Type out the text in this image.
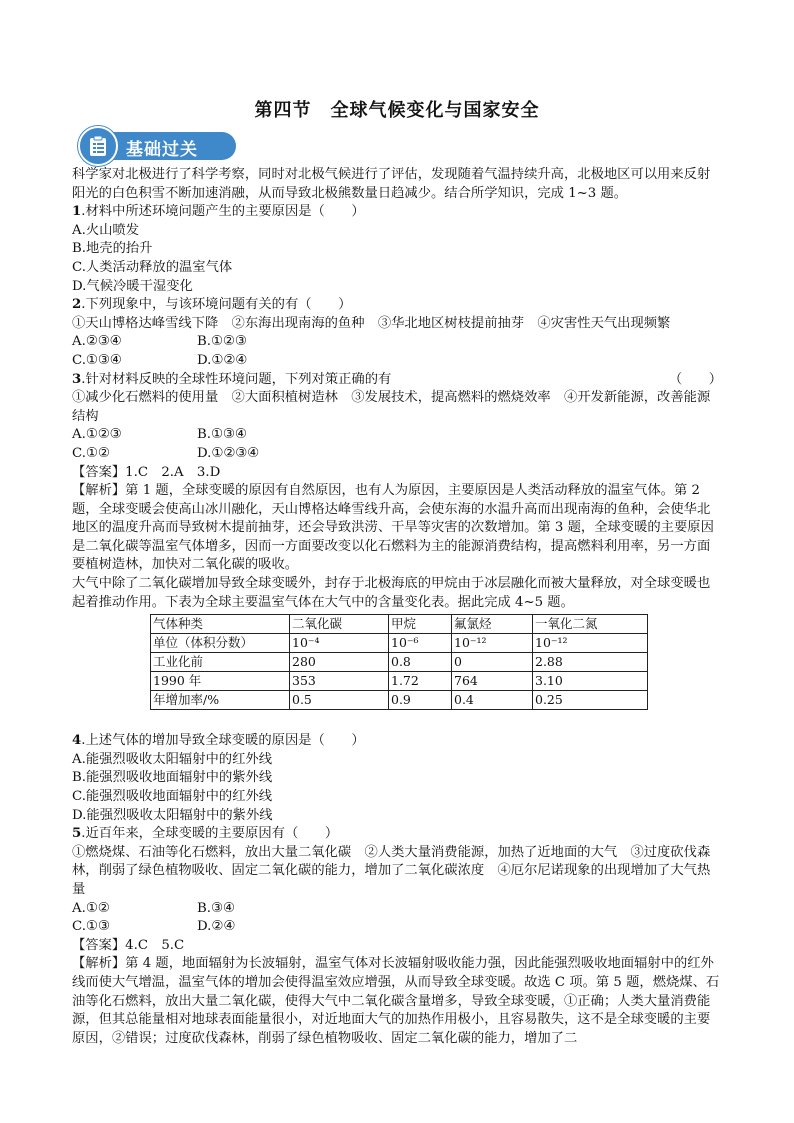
第四节　全球气候变化与国家安全
基础过关

科学家对北极进行了科学考察，同时对北极气候进行了评估，发现随着气温持续升高，北极地区可以用来反射阳光的白色积雪不断加速消融，从而导致北极熊数量日趋减少。结合所学知识，完成 1~3 题。

1.材料中所述环境问题产生的主要原因是（　　）

A.火山喷发

B.地壳的抬升

C.人类活动释放的温室气体

D.气候冷暖干湿变化

2.下列现象中，与该环境问题有关的有（　　）

①天山博格达峰雪线下降　②东海出现南海的鱼种　③华北地区树枝提前抽芽　④灾害性天气出现频繁

A.②③④	B.①②③

C.①③④	D.①②④

3.针对材料反映的全球性环境问题，下列对策正确的有	（　　）

①减少化石燃料的使用量　②大面积植树造林　③发展技术，提高燃料的燃烧效率　④开发新能源，改善能源结构

A.①②③	B.①③④

C.①②	D.①②③④

【答案】1.C　2.A　3.D

【解析】第 1 题，全球变暖的原因有自然原因，也有人为原因，主要原因是人类活动释放的温室气体。第 2 题，全球变暖会使高山冰川融化，天山博格达峰雪线升高，会使东海的水温升高而出现南海的鱼种，会使华北地区的温度升高而导致树木提前抽芽，还会导致洪涝、干旱等灾害的次数增加。第 3 题，全球变暖的主要原因是二氧化碳等温室气体增多，因而一方面要改变以化石燃料为主的能源消费结构，提高燃料利用率，另一方面要植树造林，加快对二氧化碳的吸收。

大气中除了二氧化碳增加导致全球变暖外，封存于北极海底的甲烷由于冰层融化而被大量释放，对全球变暖也起着推动作用。下表为全球主要温室气体在大气中的含量变化表。据此完成 4~5 题。

气体种类	二氧化碳	甲烷	氟氯烃	一氧化二氮
单位（体积分数）	10⁻⁴	10⁻⁶	10⁻¹²	10⁻¹²
工业化前	280	0.8	0	2.88
1990 年	353	1.72	764	3.10
年增加率/%	0.5	0.9	0.4	0.25

4.上述气体的增加导致全球变暖的原因是（　　）

A.能强烈吸收太阳辐射中的红外线

B.能强烈吸收地面辐射中的紫外线

C.能强烈吸收地面辐射中的红外线

D.能强烈吸收太阳辐射中的紫外线

5.近百年来，全球变暖的主要原因有（　　）

①燃烧煤、石油等化石燃料，放出大量二氧化碳　②人类大量消费能源，加热了近地面的大气　③过度砍伐森林，削弱了绿色植物吸收、固定二氧化碳的能力，增加了二氧化碳浓度　④厄尔尼诺现象的出现增加了大气热量

A.①②	B.③④

C.①③	D.②④

【答案】4.C　5.C

【解析】第 4 题，地面辐射为长波辐射，温室气体对长波辐射吸收能力强，因此能强烈吸收地面辐射中的红外线而使大气增温，温室气体的增加会使得温室效应增强，从而导致全球变暖。故选 C 项。第 5 题，燃烧煤、石油等化石燃料，放出大量二氧化碳，使得大气中二氧化碳含量增多，导致全球变暖，①正确；人类大量消费能源，但其总能量相对地球表面能量很小，对近地面大气的加热作用极小，且容易散失，这不是全球变暖的主要原因，②错误；过度砍伐森林，削弱了绿色植物吸收、固定二氧化碳的能力，增加了二
